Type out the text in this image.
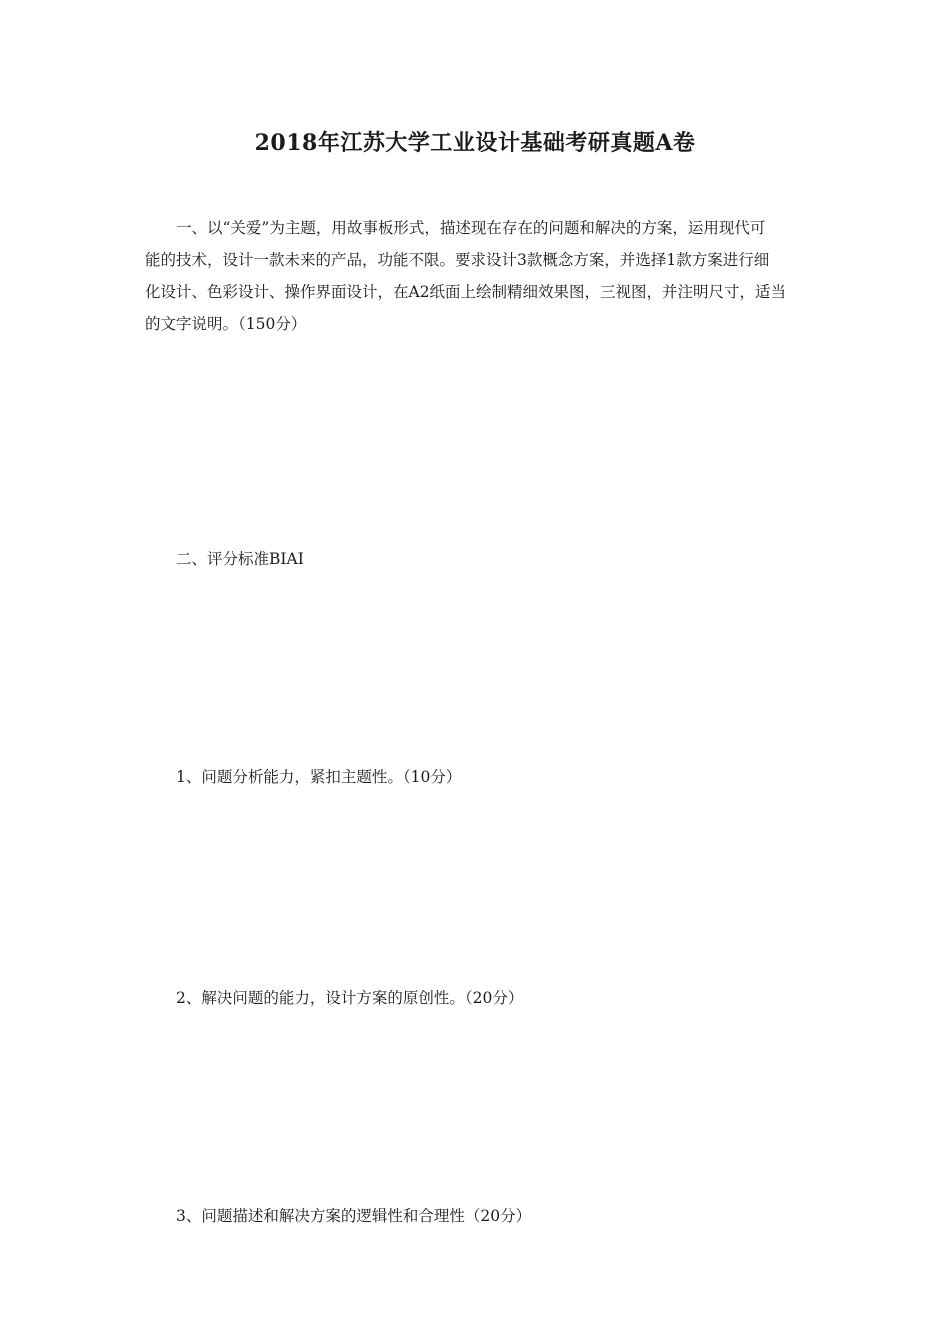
2018年江苏大学工业设计基础考研真题A卷
一、以“关爱”为主题，用故事板形式，描述现在存在的问题和解决的方案，运用现代可
能的技术，设计一款未来的产品，功能不限。要求设计3款概念方案，并选择1款方案进行细
化设计、色彩设计、操作界面设计，在A2纸面上绘制精细效果图，三视图，并注明尺寸，适当
的文字说明。（150分）
二、评分标准BIAI
1、问题分析能力，紧扣主题性。（10分）
2、解决问题的能力，设计方案的原创性。（20分）
3、问题描述和解决方案的逻辑性和合理性（20分）
